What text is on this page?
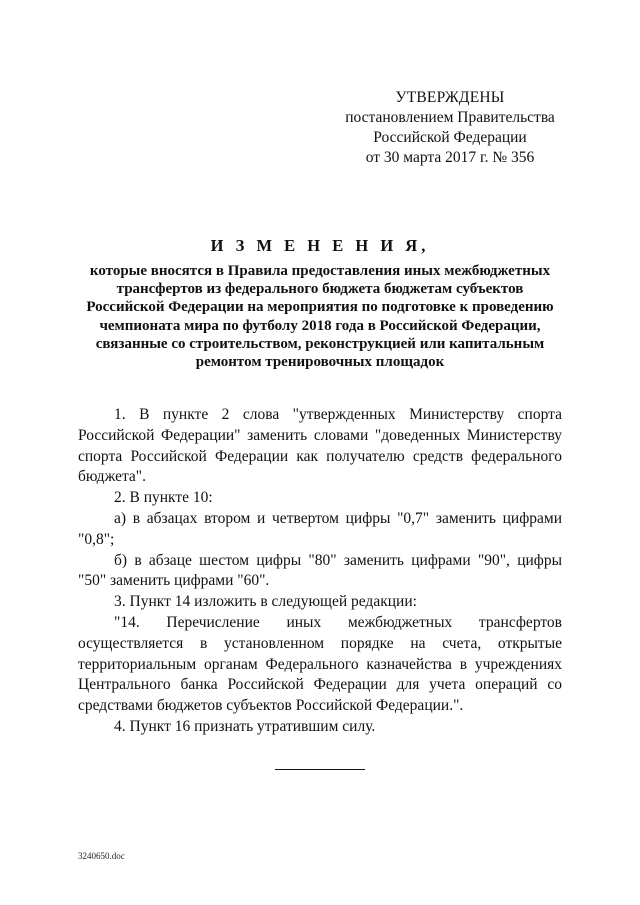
УТВЕРЖДЕНЫ
постановлением Правительства
Российской Федерации
от 30 марта 2017 г. № 356
И З М Е Н Е Н И Я,
которые вносятся в Правила предоставления иных межбюджетных трансфертов из федерального бюджета бюджетам субъектов Российской Федерации на мероприятия по подготовке к проведению чемпионата мира по футболу 2018 года в Российской Федерации, связанные со строительством, реконструкцией или капитальным ремонтом тренировочных площадок

1. В пункте 2 слова "утвержденных Министерству спорта Российской Федерации" заменить словами "доведенных Министерству спорта Российской Федерации как получателю средств федерального бюджета".

2. В пункте 10:

а) в абзацах втором и четвертом цифры "0,7" заменить цифрами "0,8";

б) в абзаце шестом цифры "80" заменить цифрами "90", цифры "50" заменить цифрами "60".

3. Пункт 14 изложить в следующей редакции:

"14. Перечисление иных межбюджетных трансфертов осуществляется в установленном порядке на счета, открытые территориальным органам Федерального казначейства в учреждениях Центрального банка Российской Федерации для учета операций со средствами бюджетов субъектов Российской Федерации.".

4. Пункт 16 признать утратившим силу.

3240650.doc
